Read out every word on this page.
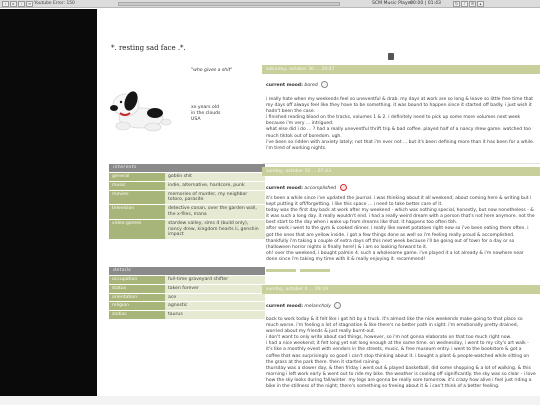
‹	▸	›	≡ Youtube Error: 150	SCM Music Player
00:00 | 01:43	↻	♪	☰	▴
*. resting sad face .*.
"who gives a shit"
xx years old
in the clouds
USA
interests
general	goblin shit
music	indie, alternative, hardcore, punk
movies	memories of murder, my neighbor totoro, parasite
television	detective conan, over the garden wall, the x-files, mana
video games	stardew valley, sims 4 (build only), nancy drew, kingdom hearts ii, genshin impact
details
occupation	full-time graveyard shifter
status	taken forever
orientation	ace
religion	agnostic
zodiac	taurus
saturday, october 30 ... 20:47
current mood: bored

i really hate when my weekends feel so uneventful & drab. my days at work are so long & leave so little free time that my days off always feel like they have to be something. it was bound to happen since it started off badly. i just wish it hadn't been the case.

i finished reading blood on the tracks, volumes 1 & 2. i definitely need to pick up some more volumes next week because i'm very ... intrigued.

what else did i do ... ? had a really uneventful thrift trip & bad coffee. played half of a nancy drew game. watched too much tiktok out of boredom. ugh.

i've been so ridden with anxiety lately; not that i'm ever not ... but it's been defining more than it has been for a while. i'm tired of working nights.

sunday, october 10 ... 07:43
current mood: accomplished

it's been a while since i've updated the journal. i was thinking about it all weekend; about coming here & writing but i kept putting it off/forgetting. i like this space ... i need to take better care of it.

today was the first day back at work after my weekend - which was nothing special, honestly, but now nonetheless - & it was such a long day. it really wouldn't end. i had a really weird dream with a person that's not here anymore. not the best start to the day when i wake up from dreams like that. it happens too often tbh.

after work i went to the gym & cooked dinner. i really like sweet potatoes right now so i've been eating them often. i got the ones that are yellow inside. i got a few things done as well so i'm feeling really proud & accomplished.

thankfully i'm taking a couple of extra days off this next week because i'll be going out of town for a day or so (halloween horror nights is finally here!) & i am so looking forward to it.

oh! over the weekend, i bought palmin 4. such a wholesome game. i've played it a lot already & i'm nowhere near done since i'm taking my time with it & really enjoying it. recommend!

sunday, october 4 ... 09:19
current mood: melancholy

back to work today & it felt like i got hit by a truck. it's almost like the nice weekends make going to that place so much worse. i'm feeling a lot of stagnation & like there's no better path in sight. i'm emotionally pretty drained, worried about my friends & just really burnt-out.

i don't want to only write about sad things, however, so i'm not gonna elaborate on that too much right now.

i had a nice weekend; it felt long yet not long enough at the same time. on wednesday, i went to my city's art walk - it's like a monthly event with vendors in the streets, music, & free museum entry. i went to the bookstore & got a coffee that was surprisingly so good i can't stop thinking about it. i bought a plant & people-watched while sitting on the grass at the park there. then it started raining.

thursday was a slower day, & then friday i went out & played basketball, did some shopping & a lot of walking. & this morning i left work early & went out to ride my bike. the weather is cooling off significantly. the sky was so clear - i love how the sky looks during fall/winter. my legs are gonna be really sore tomorrow. it's crazy how alive i feel just riding a bike in the stillness of the night; there's something so freeing about it & i can't think of a better feeling.
